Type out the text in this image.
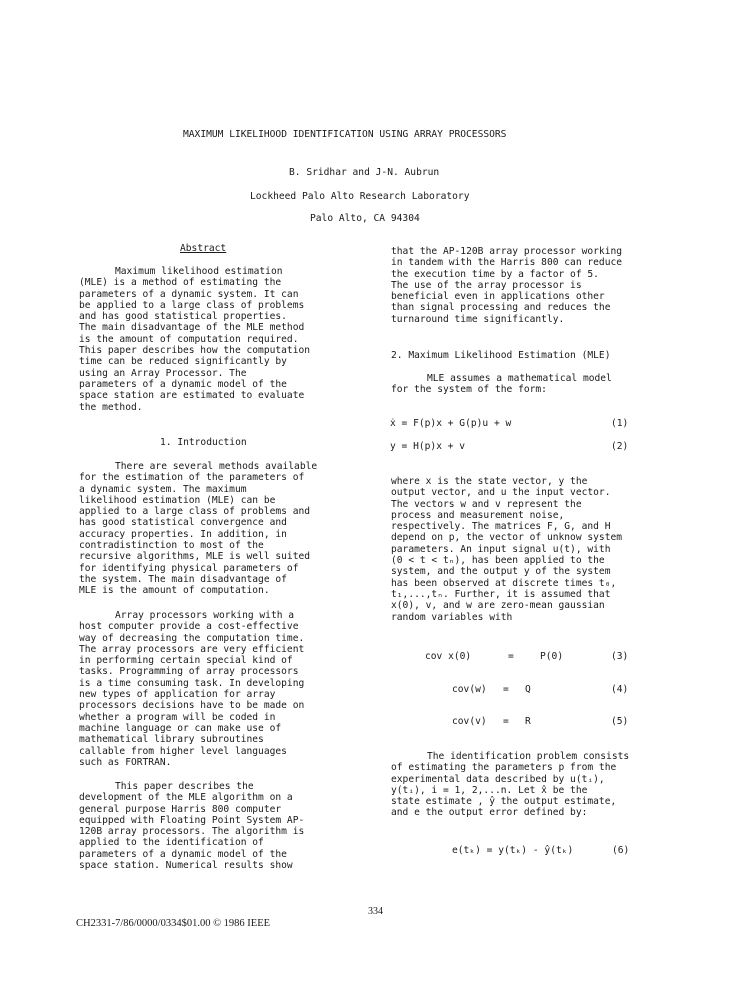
MAXIMUM LIKELIHOOD IDENTIFICATION USING ARRAY PROCESSORS
B. Sridhar and J-N. Aubrun
Lockheed Palo Alto Research Laboratory
Palo Alto, CA 94304
Abstract
Maximum likelihood estimation
(MLE) is a method of estimating the
parameters of a dynamic system. It can
be applied to a large class of problems
and has good statistical properties.
The main disadvantage of the MLE method
is the amount of computation required.
This paper describes how the computation
time can be reduced significantly by
using an Array Processor. The
parameters of a dynamic model of the
space station are estimated to evaluate
the method.
1. Introduction
There are several methods available
for the estimation of the parameters of
a dynamic system. The maximum
likelihood estimation (MLE) can be
applied to a large class of problems and
has good statistical convergence and
accuracy properties. In addition, in
contradistinction to most of the
recursive algorithms, MLE is well suited
for identifying physical parameters of
the system. The main disadvantage of
MLE is the amount of computation.
Array processors working with a
host computer provide a cost-effective
way of decreasing the computation time.
The array processors are very efficient
in performing certain special kind of
tasks. Programming of array processors
is a time consuming task. In developing
new types of application for array
processors decisions have to be made on
whether a program will be coded in
machine language or can make use of
mathematical library subroutines
callable from higher level languages
such as FORTRAN.
This paper describes the
development of the MLE algorithm on a
general purpose Harris 800 computer
equipped with Floating Point System AP-
120B array processors. The algorithm is
applied to the identification of
parameters of a dynamic model of the
space station. Numerical results show
that the AP-120B array processor working
in tandem with the Harris 800 can reduce
the execution time by a factor of 5.
The use of the array processor is
beneficial even in applications other
than signal processing and reduces the
turnaround time significantly.
2. Maximum Likelihood Estimation (MLE)
MLE assumes a mathematical model
for the system of the form:
ẋ = F(p)x + G(p)u + w	(1)
y = H(p)x + v	(2)
where x is the state vector, y the
output vector, and u the input vector.
The vectors w and v represent the
process and measurement noise,
respectively. The matrices F, G, and H
depend on p, the vector of unknow system
parameters. An input signal u(t), with
(0 < t < tₙ), has been applied to the
system, and the output y of the system
has been observed at discrete times t₀,
t₁,...,tₙ. Further, it is assumed that
x(0), v, and w are zero-mean gaussian
random variables with
cov x(0)	=	P(0)	(3)
cov(w) = Q	(4)
cov(v) = R	(5)
The identification problem consists
of estimating the parameters p from the
experimental data described by u(tᵢ),
y(tᵢ), i = 1, 2,...n. Let x̂ be the
state estimate , ŷ the output estimate,
and e the output error defined by:
e(tₖ) = y(tₖ) - ŷ(tₖ)	(6)
334
CH2331-7/86/0000/0334$01.00 © 1986 IEEE
